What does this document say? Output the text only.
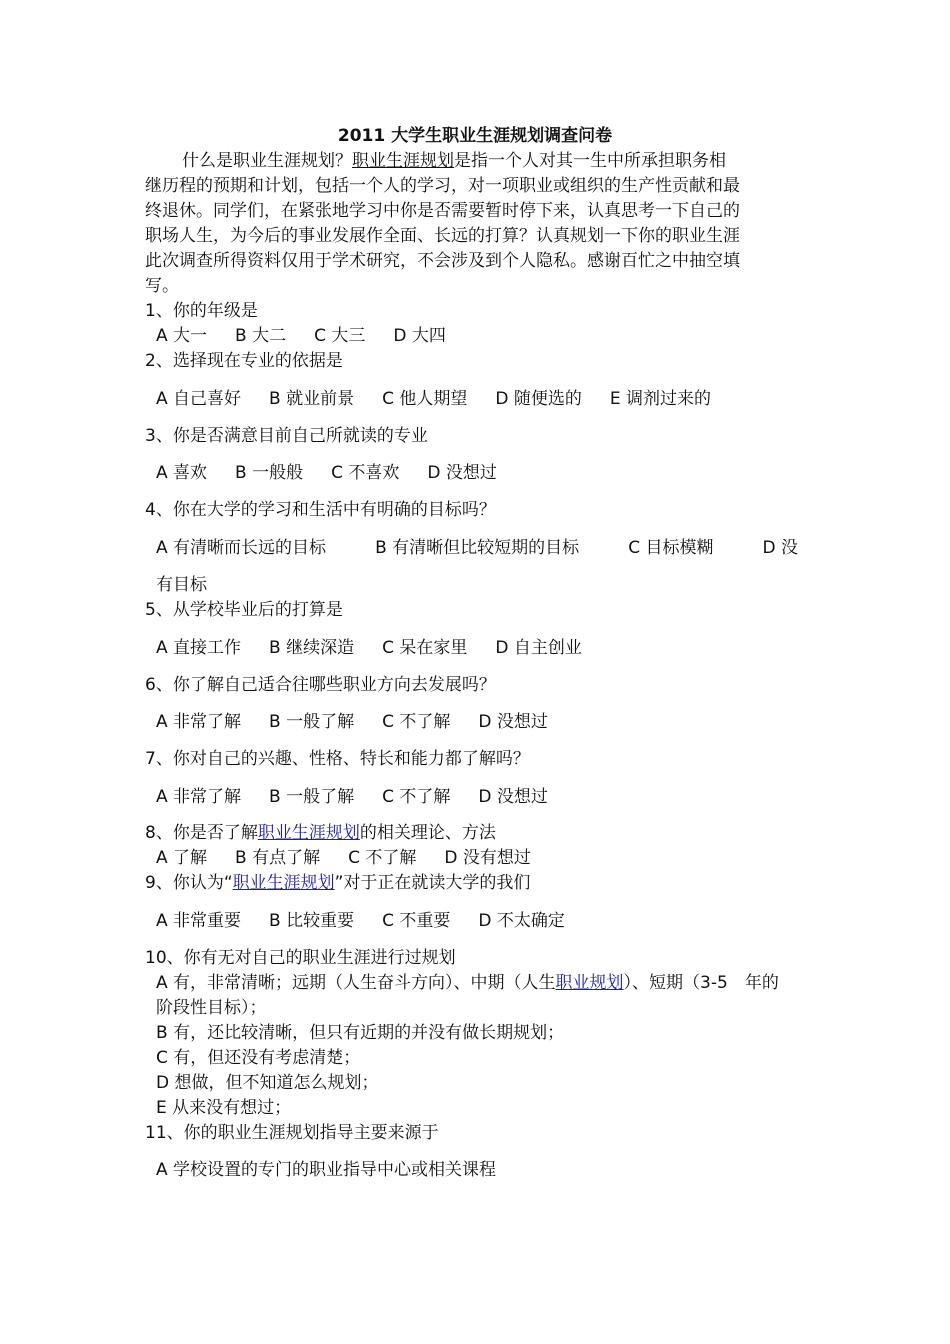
2011 大学生职业生涯规划调查问卷
什么是职业生涯规划？职业生涯规划是指一个人对其一生中所承担职务相
继历程的预期和计划，包括一个人的学习，对一项职业或组织的生产性贡献和最
终退休。同学们，在紧张地学习中你是否需要暂时停下来，认真思考一下自己的
职场人生，为今后的事业发展作全面、长远的打算？认真规划一下你的职业生涯
此次调查所得资料仅用于学术研究，不会涉及到个人隐私。感谢百忙之中抽空填
写。
1、你的年级是
A 大一 B 大二 C 大三 D 大四
2、选择现在专业的依据是
A 自己喜好 B 就业前景 C 他人期望 D 随便选的 E 调剂过来的
3、你是否满意目前自己所就读的专业
A 喜欢 B 一般般 C 不喜欢 D 没想过
4、你在大学的学习和生活中有明确的目标吗？
A 有清晰而长远的目标	B 有清晰但比较短期的目标	C 目标模糊	D 没
有目标
5、从学校毕业后的打算是
A 直接工作 B 继续深造 C 呆在家里 D 自主创业
6、你了解自己适合往哪些职业方向去发展吗？
A 非常了解 B 一般了解 C 不了解 D 没想过
7、你对自己的兴趣、性格、特长和能力都了解吗？
A 非常了解 B 一般了解 C 不了解 D 没想过
8、你是否了解职业生涯规划的相关理论、方法
A 了解 B 有点了解 C 不了解 D 没有想过
9、你认为“职业生涯规划”对于正在就读大学的我们
A 非常重要 B 比较重要 C 不重要 D 不太确定
10、你有无对自己的职业生涯进行过规划
A 有，非常清晰；远期（人生奋斗方向）、中期（人生职业规划）、短期（3-5　年的
阶段性目标）；
B 有，还比较清晰，但只有近期的并没有做长期规划；
C 有，但还没有考虑清楚；
D 想做，但不知道怎么规划；
E 从来没有想过；
11、你的职业生涯规划指导主要来源于
A 学校设置的专门的职业指导中心或相关课程
